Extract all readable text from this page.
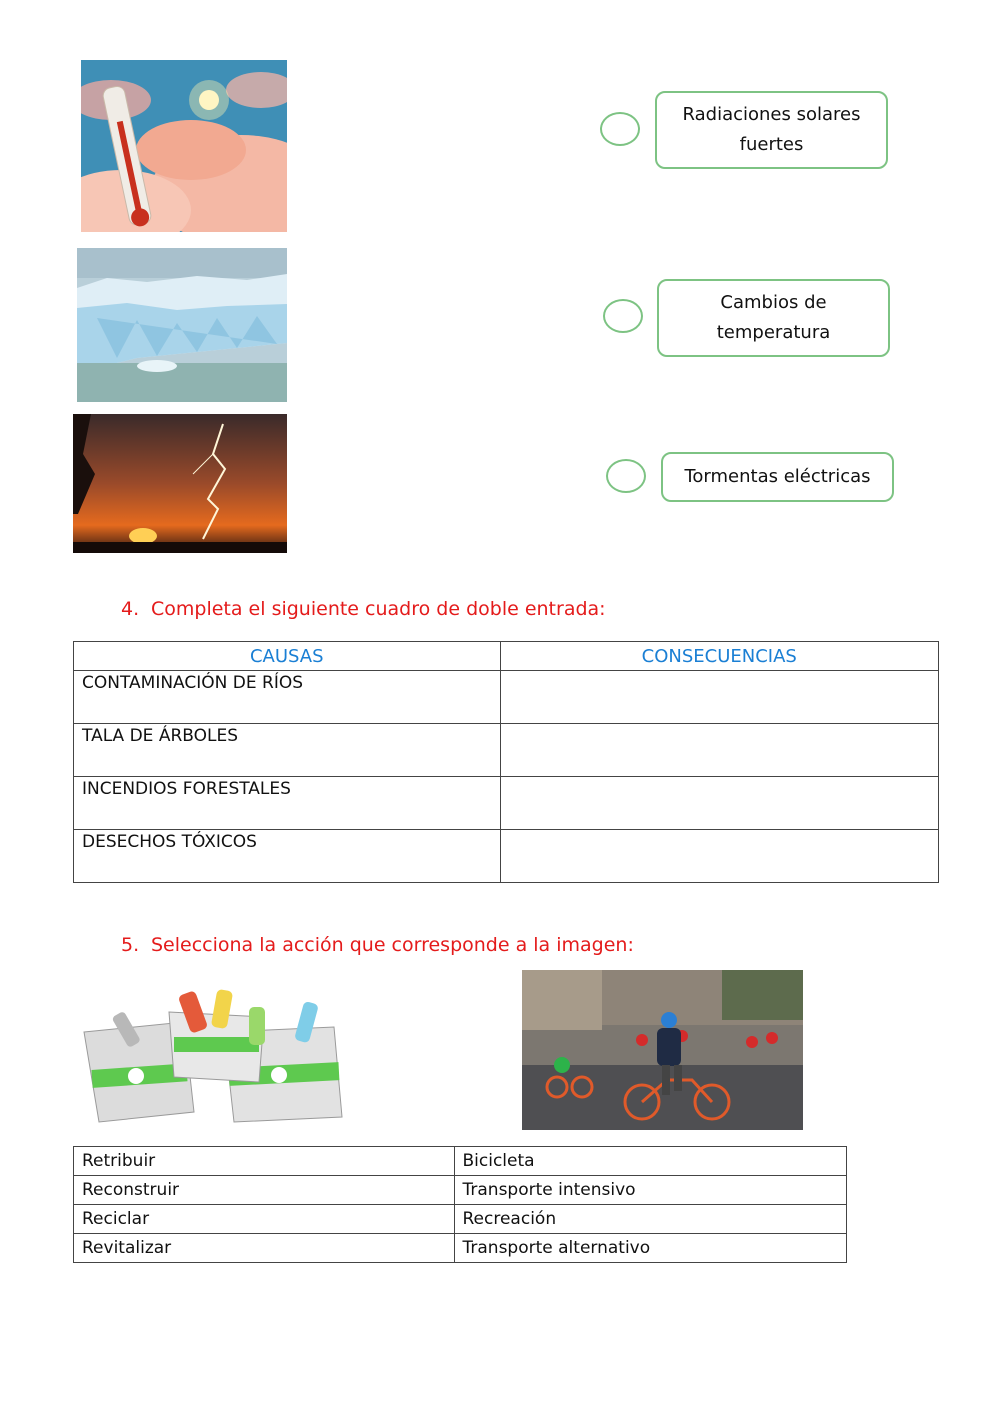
Radiaciones solares fuertes
Cambios de temperatura
Tormentas eléctricas
4. Completa el siguiente cuadro de doble entrada:
CAUSAS	CONSECUENCIAS
CONTAMINACIÓN DE RÍOS	
TALA DE ÁRBOLES	
INCENDIOS FORESTALES	
DESECHOS TÓXICOS	
5. Selecciona la acción que corresponde a la imagen:
Retribuir	Bicicleta
Reconstruir	Transporte intensivo
Reciclar	Recreación
Revitalizar	Transporte alternativo
